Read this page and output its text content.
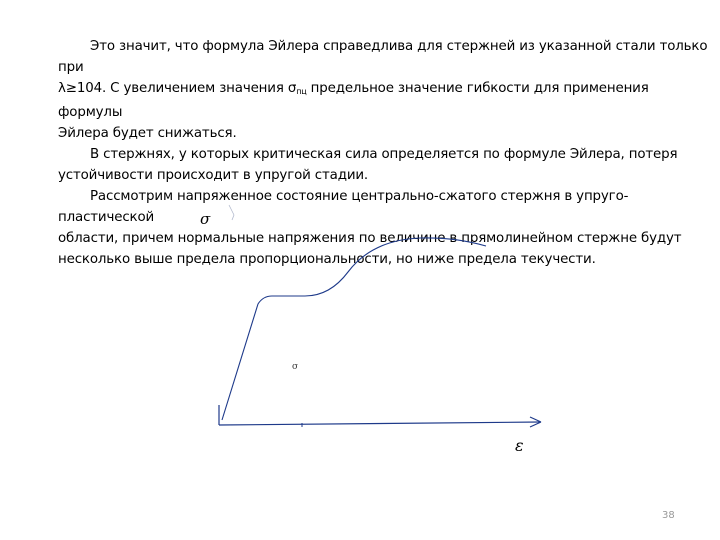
Это значит, что формула Эйлера справедлива для стержней из указанной стали только при
λ≥104. С увеличением значения $\sigma_{пц}$ предельное значение гибкости для применения формулы
Эйлера будет снижаться.

В стержнях, у которых критическая сила определяется по формуле Эйлера, потеря
устойчивости происходит в упругой стадии.

Рассмотрим напряженное состояние центрально-сжатого стержня в упруго-пластической
области, причем нормальные напряжения по величине в прямолинейном стержне будут
несколько выше предела пропорциональности, но ниже предела текучести.

σ
ε
σ
38
